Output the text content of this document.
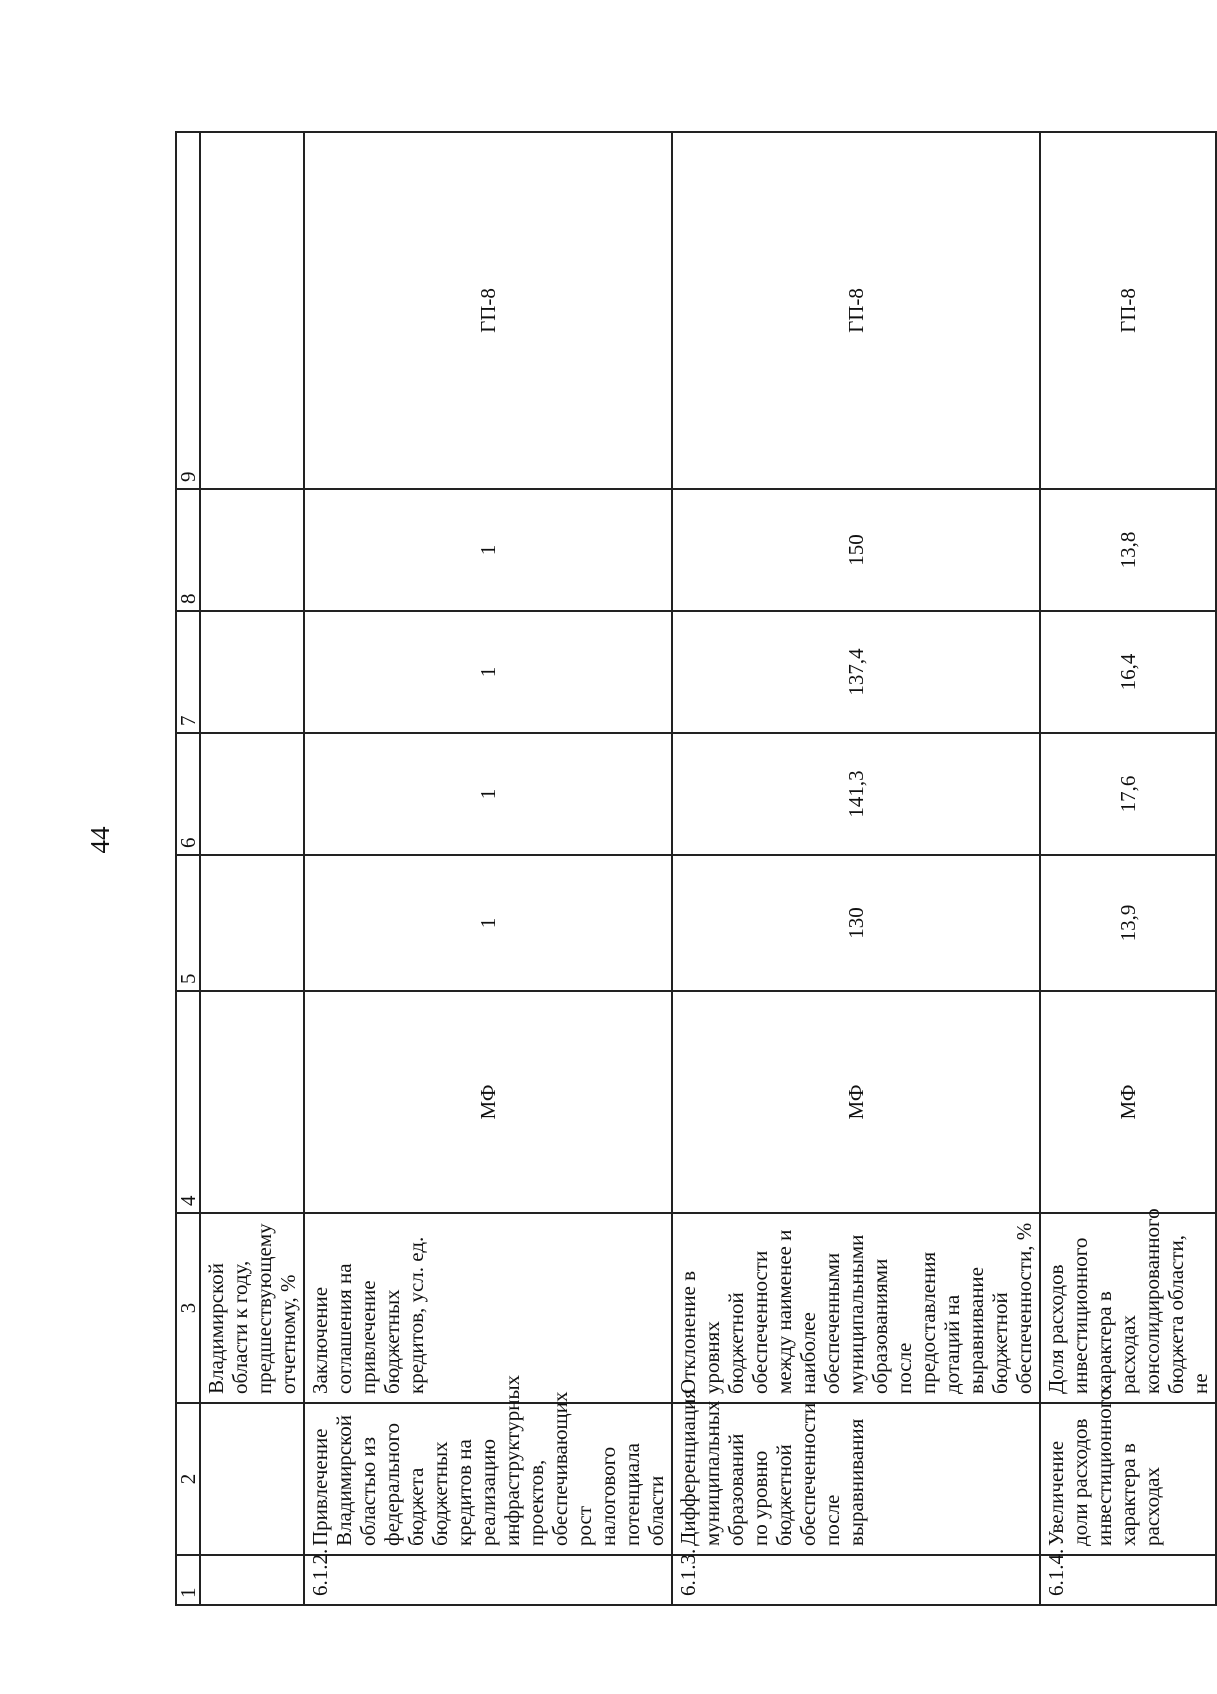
44
1	2	3	4	5	6	7	8	9
		Владимирской области к году, предшествующему отчетному, %						
6.1.2.	Привлечение Владимирской областью из федерального бюджета бюджетных кредитов на реализацию инфраструктурных проектов, обеспечивающих рост налогового потенциала области	Заключение соглашения на привлечение бюджетных кредитов, усл. ед.	МФ	1	1	1	1	ГП-8
6.1.3.	Дифференциация муниципальных образований по уровню бюджетной обеспеченности после выравнивания	Отклонение в уровнях бюджетной обеспеченности между наименее и наиболее обеспеченными муниципальными образованиями после предоставления дотаций на выравнивание бюджетной обеспеченности, %	МФ	130	141,3	137,4	150	ГП-8
6.1.4.	Увеличение доли расходов инвестиционного характера в расходах	Доля расходов инвестиционного характера в расходах консолидированного бюджета области, не	МФ	13,9	17,6	16,4	13,8	ГП-8
